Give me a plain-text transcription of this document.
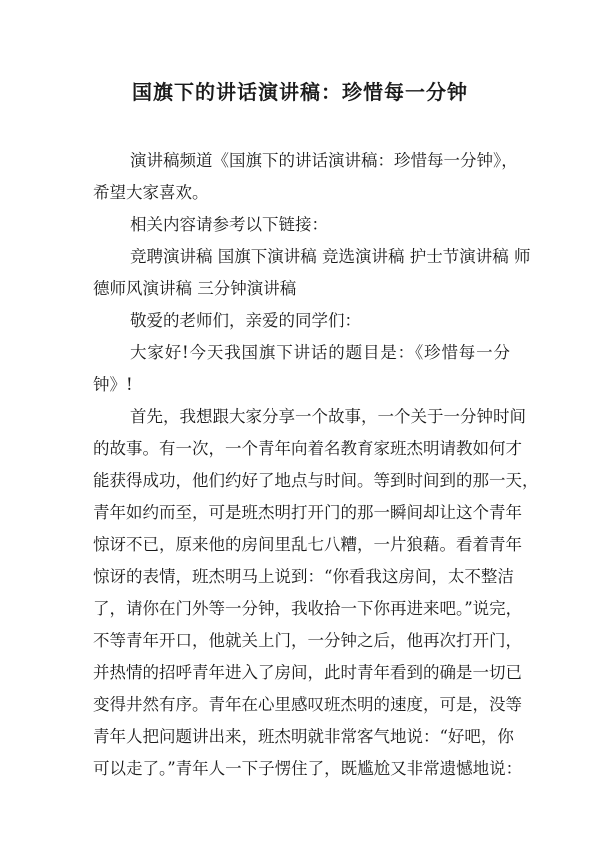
国旗下的讲话演讲稿：珍惜每一分钟
演讲稿频道《国旗下的讲话演讲稿：珍惜每一分钟》，
希望大家喜欢。
相关内容请参考以下链接：
竞聘演讲稿 国旗下演讲稿 竞选演讲稿 护士节演讲稿 师
德师风演讲稿 三分钟演讲稿
敬爱的老师们，亲爱的同学们：
大家好!今天我国旗下讲话的题目是：《珍惜每一分
钟》!
首先，我想跟大家分享一个故事，一个关于一分钟时间
的故事。有一次，一个青年向着名教育家班杰明请教如何才
能获得成功，他们约好了地点与时间。等到时间到的那一天，
青年如约而至，可是班杰明打开门的那一瞬间却让这个青年
惊讶不已，原来他的房间里乱七八糟，一片狼藉。看着青年
惊讶的表情，班杰明马上说到：“你看我这房间，太不整洁
了，请你在门外等一分钟，我收拾一下你再进来吧。”说完，
不等青年开口，他就关上门，一分钟之后，他再次打开门，
并热情的招呼青年进入了房间，此时青年看到的确是一切已
变得井然有序。青年在心里感叹班杰明的速度，可是，没等
青年人把问题讲出来，班杰明就非常客气地说：“好吧，你
可以走了。”青年人一下子愣住了，既尴尬又非常遗憾地说：
